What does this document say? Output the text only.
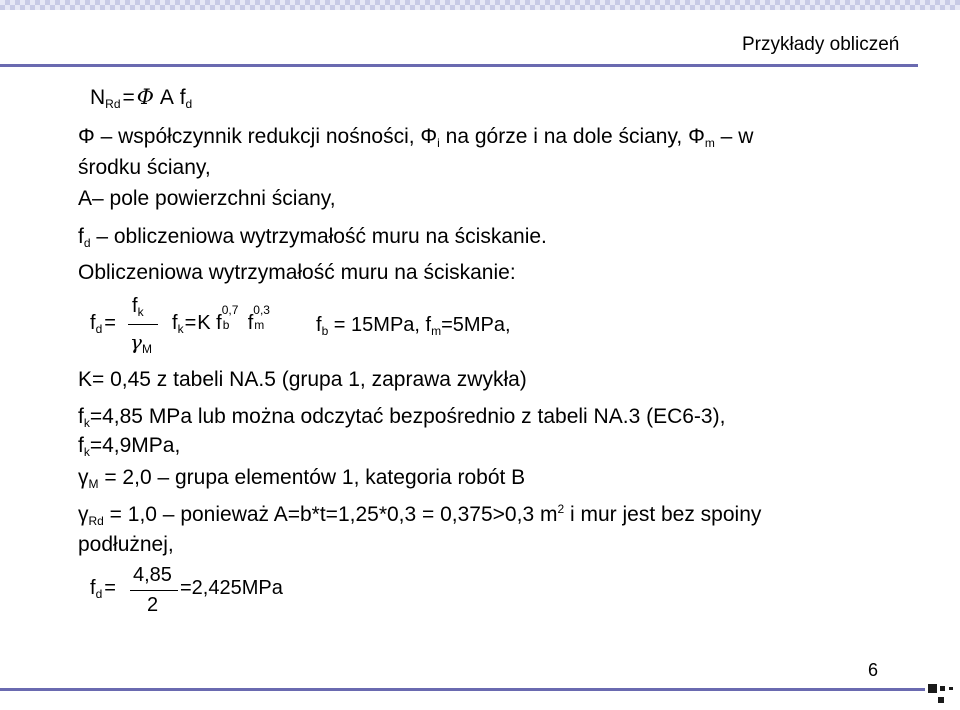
Przykłady obliczeń
NRd=Φ A fd
Φ – współczynnik redukcji nośności, Φi na górze i na dole ściany, Φm – w
środku ściany,
A– pole powierzchni ściany,
fd – obliczeniowa wytrzymałość muru na ściskanie.
Obliczeniowa wytrzymałość muru na ściskanie:
$f_d$ =
$f_k$
$\gamma_M$
$f_k=K$ f
0,7
b f
0,3
m
	$f_b = 15MPa$, $f_m=5MPa$,
K= 0,45 z tabeli NA.5 (grupa 1, zaprawa zwykła)
fk=4,85 MPa lub można odczytać bezpośrednio z tabeli NA.3 (EC6-3),
fk=4,9MPa,
γM = 2,0 – grupa elementów 1, kategoria robót B
γRd = 1,0 – ponieważ A=b*t=1,25*0,3 = 0,375>0,3 $m^2$ i mur jest bez spoiny
podłużnej,
$f_d$ =
4,85
2
=2,425MPa
6
